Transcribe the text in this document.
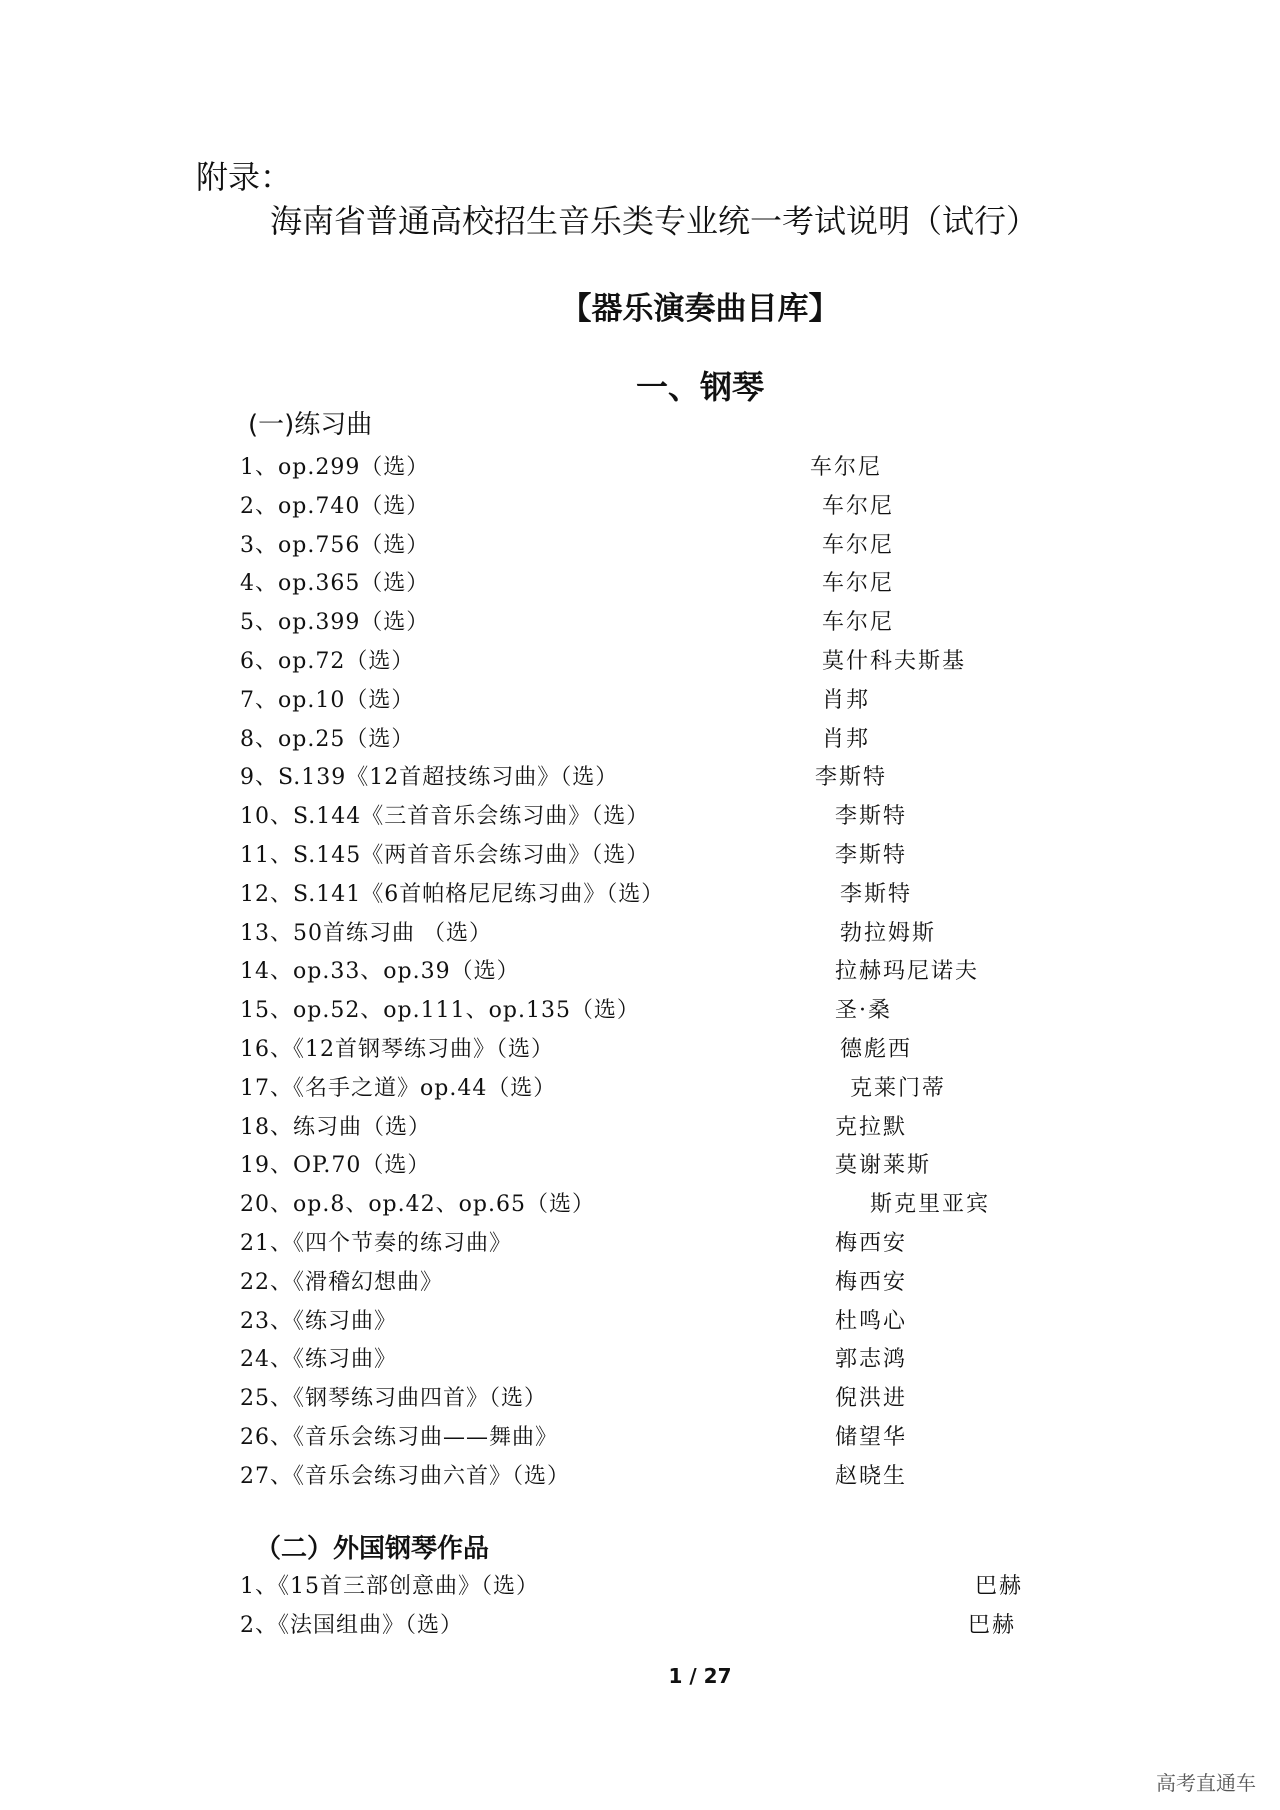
附录：
海南省普通高校招生音乐类专业统一考试说明（试行）
【器乐演奏曲目库】
一、钢琴
(一)练习曲
1、op.299（选）	车尔尼
2、op.740（选）	车尔尼
3、op.756（选）	车尔尼
4、op.365（选）	车尔尼
5、op.399（选）	车尔尼
6、op.72（选）	莫什科夫斯基
7、op.10（选）	肖邦
8、op.25（选）	肖邦
9、S.139《12首超技练习曲》（选）	李斯特
10、S.144《三首音乐会练习曲》（选）	李斯特
11、S.145《两首音乐会练习曲》（选）	李斯特
12、S.141《6首帕格尼尼练习曲》（选）	李斯特
13、50首练习曲 （选）	勃拉姆斯
14、op.33、op.39（选）	拉赫玛尼诺夫
15、op.52、op.111、op.135（选）	圣·桑
16、《12首钢琴练习曲》（选）	德彪西
17、《名手之道》op.44（选）	克莱门蒂
18、练习曲（选）	克拉默
19、OP.70（选）	莫谢莱斯
20、op.8、op.42、op.65（选）	斯克里亚宾
21、《四个节奏的练习曲》	梅西安
22、《滑稽幻想曲》	梅西安
23、《练习曲》	杜鸣心
24、《练习曲》	郭志鸿
25、《钢琴练习曲四首》（选）	倪洪进
26、《音乐会练习曲——舞曲》	储望华
27、《音乐会练习曲六首》（选）	赵晓生
（二）外国钢琴作品
1、《15首三部创意曲》（选）	巴赫
2、《法国组曲》（选）	巴赫
1 / 27
高考直通车
